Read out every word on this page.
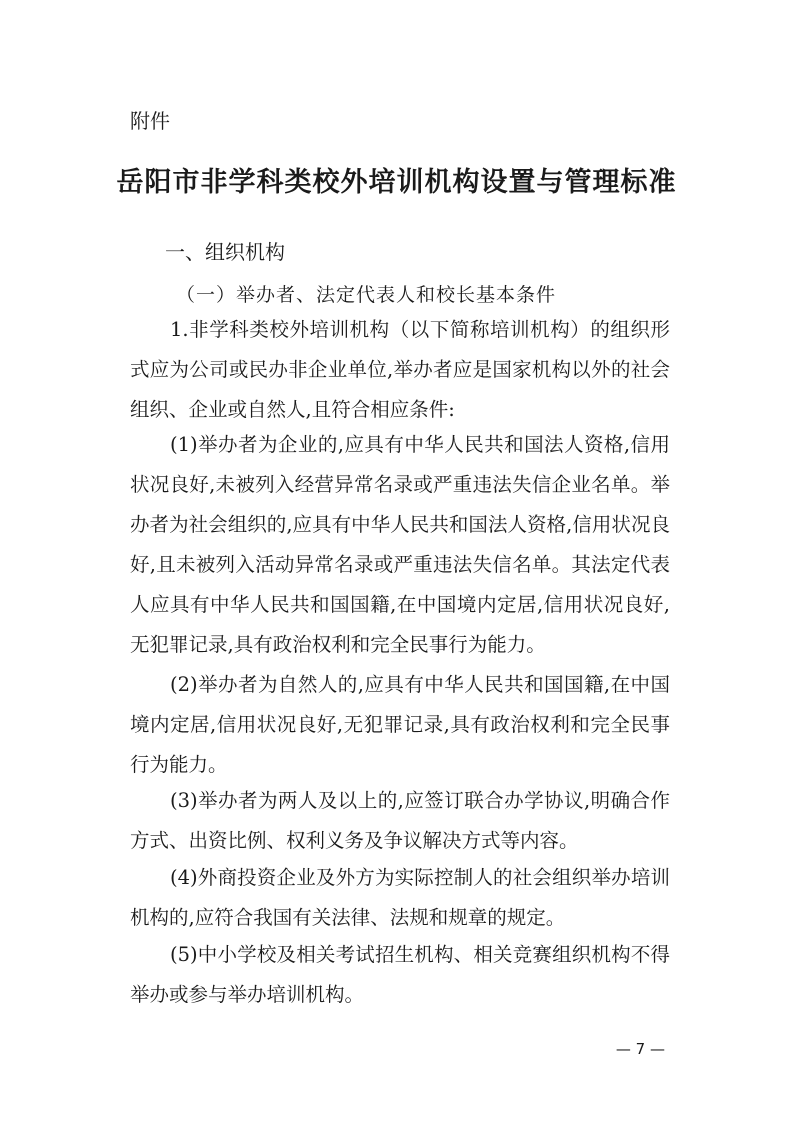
附件
岳阳市非学科类校外培训机构设置与管理标准
一、组织机构
（一）举办者、法定代表人和校长基本条件

1.非学科类校外培训机构（以下简称培训机构）的组织形式应为公司或民办非企业单位,举办者应是国家机构以外的社会组织、企业或自然人,且符合相应条件:

(1)举办者为企业的,应具有中华人民共和国法人资格,信用状况良好,未被列入经营异常名录或严重违法失信企业名单。举办者为社会组织的,应具有中华人民共和国法人资格,信用状况良好,且未被列入活动异常名录或严重违法失信名单。其法定代表人应具有中华人民共和国国籍,在中国境内定居,信用状况良好,无犯罪记录,具有政治权利和完全民事行为能力。

(2)举办者为自然人的,应具有中华人民共和国国籍,在中国境内定居,信用状况良好,无犯罪记录,具有政治权利和完全民事行为能力。

(3)举办者为两人及以上的,应签订联合办学协议,明确合作方式、出资比例、权利义务及争议解决方式等内容。

(4)外商投资企业及外方为实际控制人的社会组织举办培训机构的,应符合我国有关法律、法规和规章的规定。

(5)中小学校及相关考试招生机构、相关竞赛组织机构不得举办或参与举办培训机构。

— 7 —
